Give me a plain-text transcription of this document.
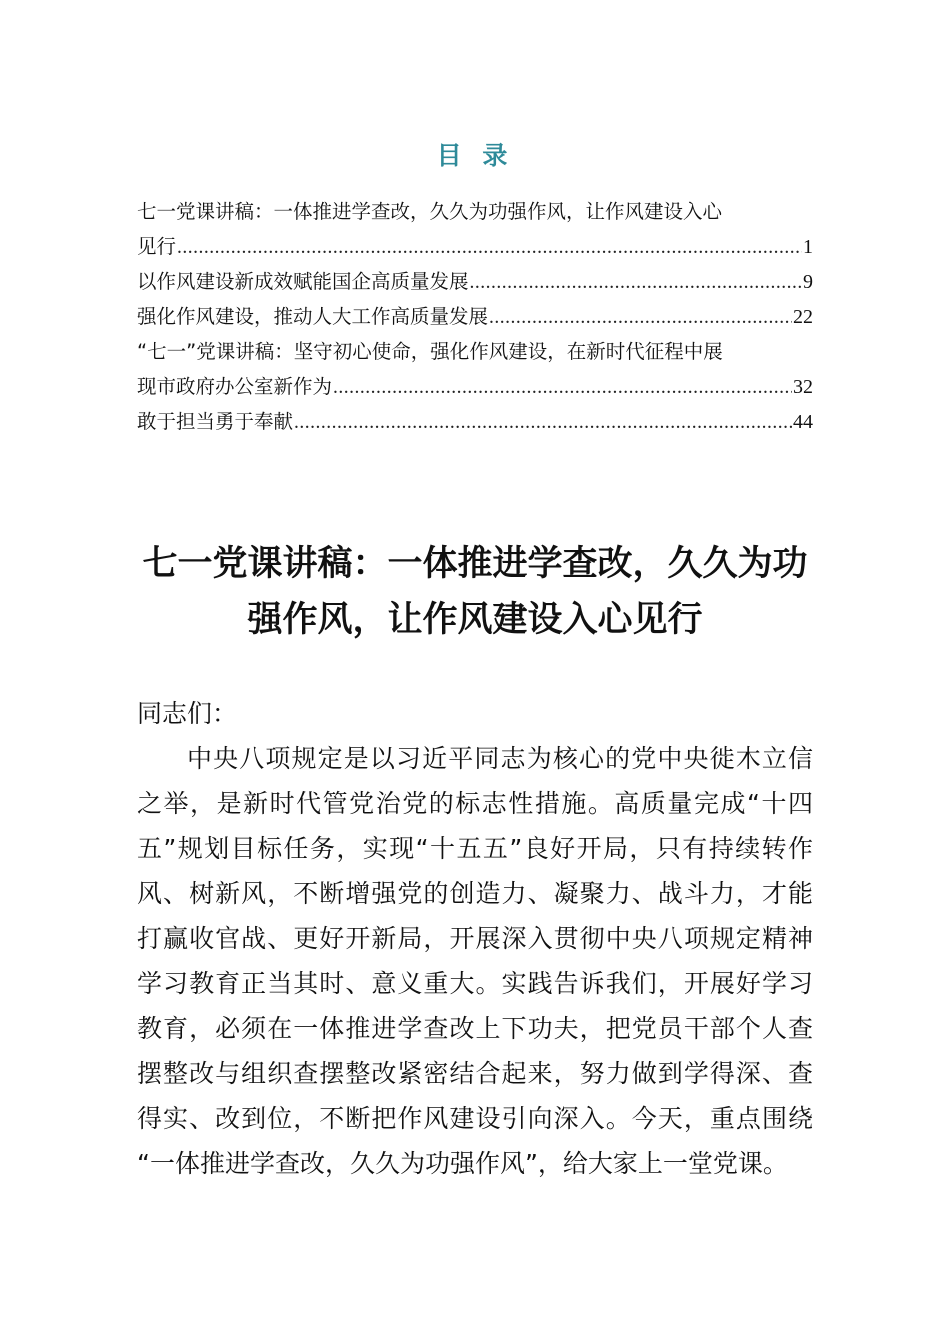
目 录
七一党课讲稿：一体推进学查改，久久为功强作风，让作风建设入心
见行 .....	1
以作风建设新成效赋能国企高质量发展 .....	9
强化作风建设，推动人大工作高质量发展 .....	22
“七一”党课讲稿：坚守初心使命，强化作风建设，在新时代征程中展
现市政府办公室新作为 .....	32
敢于担当勇于奉献 .....	44
七一党课讲稿：一体推进学查改，久久为功
强作风，让作风建设入心见行
同志们：
中央八项规定是以习近平同志为核心的党中央徙木立信
之举，是新时代管党治党的标志性措施。高质量完成“十四
五”规划目标任务，实现“十五五”良好开局，只有持续转作
风、树新风，不断增强党的创造力、凝聚力、战斗力，才能
打赢收官战、更好开新局，开展深入贯彻中央八项规定精神
学习教育正当其时、意义重大。实践告诉我们，开展好学习
教育，必须在一体推进学查改上下功夫，把党员干部个人查
摆整改与组织查摆整改紧密结合起来，努力做到学得深、查
得实、改到位，不断把作风建设引向深入。今天，重点围绕
“一体推进学查改，久久为功强作风”，给大家上一堂党课。
